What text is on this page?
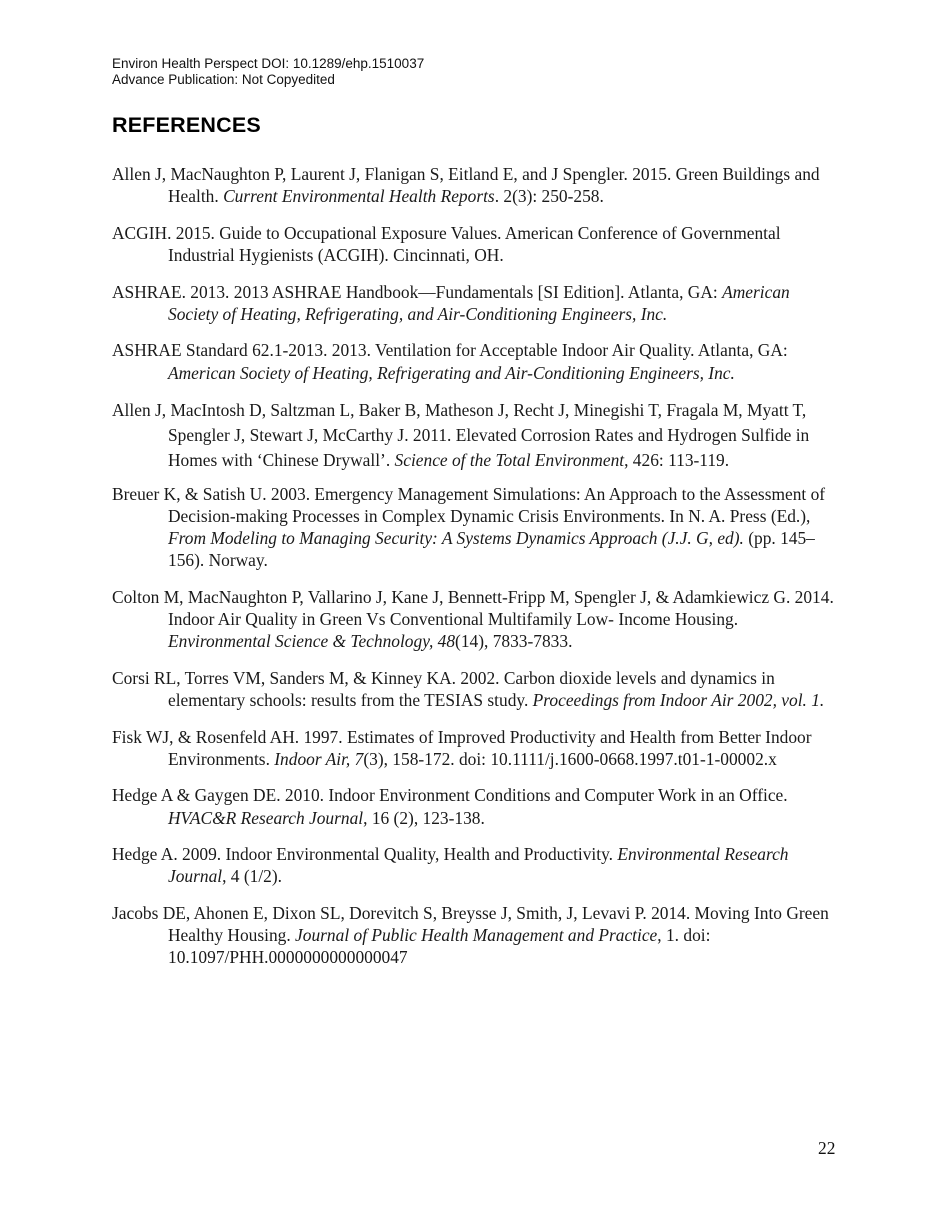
Environ Health Perspect DOI: 10.1289/ehp.1510037
Advance Publication: Not Copyedited
REFERENCES

Allen J, MacNaughton P, Laurent J, Flanigan S, Eitland E, and J Spengler. 2015. Green Buildings and Health. Current Environmental Health Reports. 2(3): 250-258.

ACGIH. 2015. Guide to Occupational Exposure Values. American Conference of Governmental Industrial Hygienists (ACGIH). Cincinnati, OH.

ASHRAE. 2013. 2013 ASHRAE Handbook—Fundamentals [SI Edition]. Atlanta, GA: American Society of Heating, Refrigerating, and Air-Conditioning Engineers, Inc.

ASHRAE Standard 62.1-2013. 2013. Ventilation for Acceptable Indoor Air Quality. Atlanta, GA: American Society of Heating, Refrigerating and Air-Conditioning Engineers, Inc.

Allen J, MacIntosh D, Saltzman L, Baker B, Matheson J, Recht J, Minegishi T, Fragala M, Myatt T, Spengler J, Stewart J, McCarthy J. 2011. Elevated Corrosion Rates and Hydrogen Sulfide in Homes with ‘Chinese Drywall’. Science of the Total Environment, 426: 113-119.

Breuer K, & Satish U. 2003. Emergency Management Simulations: An Approach to the Assessment of Decision-making Processes in Complex Dynamic Crisis Environments. In N. A. Press (Ed.), From Modeling to Managing Security: A Systems Dynamics Approach (J.J. G, ed). (pp. 145–156). Norway.

Colton M, MacNaughton P, Vallarino J, Kane J, Bennett-Fripp M, Spengler J, & Adamkiewicz G. 2014. Indoor Air Quality in Green Vs Conventional Multifamily Low- Income Housing. Environmental Science & Technology, 48(14), 7833-7833.

Corsi RL, Torres VM, Sanders M, & Kinney KA. 2002. Carbon dioxide levels and dynamics in elementary schools: results from the TESIAS study. Proceedings from Indoor Air 2002, vol. 1.

Fisk WJ, & Rosenfeld AH. 1997. Estimates of Improved Productivity and Health from Better Indoor Environments. Indoor Air, 7(3), 158-172. doi: 10.1111/j.1600-0668.1997.t01-1-00002.x

Hedge A & Gaygen DE. 2010. Indoor Environment Conditions and Computer Work in an Office. HVAC&R Research Journal, 16 (2), 123-138.

Hedge A. 2009. Indoor Environmental Quality, Health and Productivity. Environmental Research Journal, 4 (1/2).

Jacobs DE, Ahonen E, Dixon SL, Dorevitch S, Breysse J, Smith, J, Levavi P. 2014. Moving Into Green Healthy Housing. Journal of Public Health Management and Practice, 1. doi: 10.1097/PHH.0000000000000047

22
